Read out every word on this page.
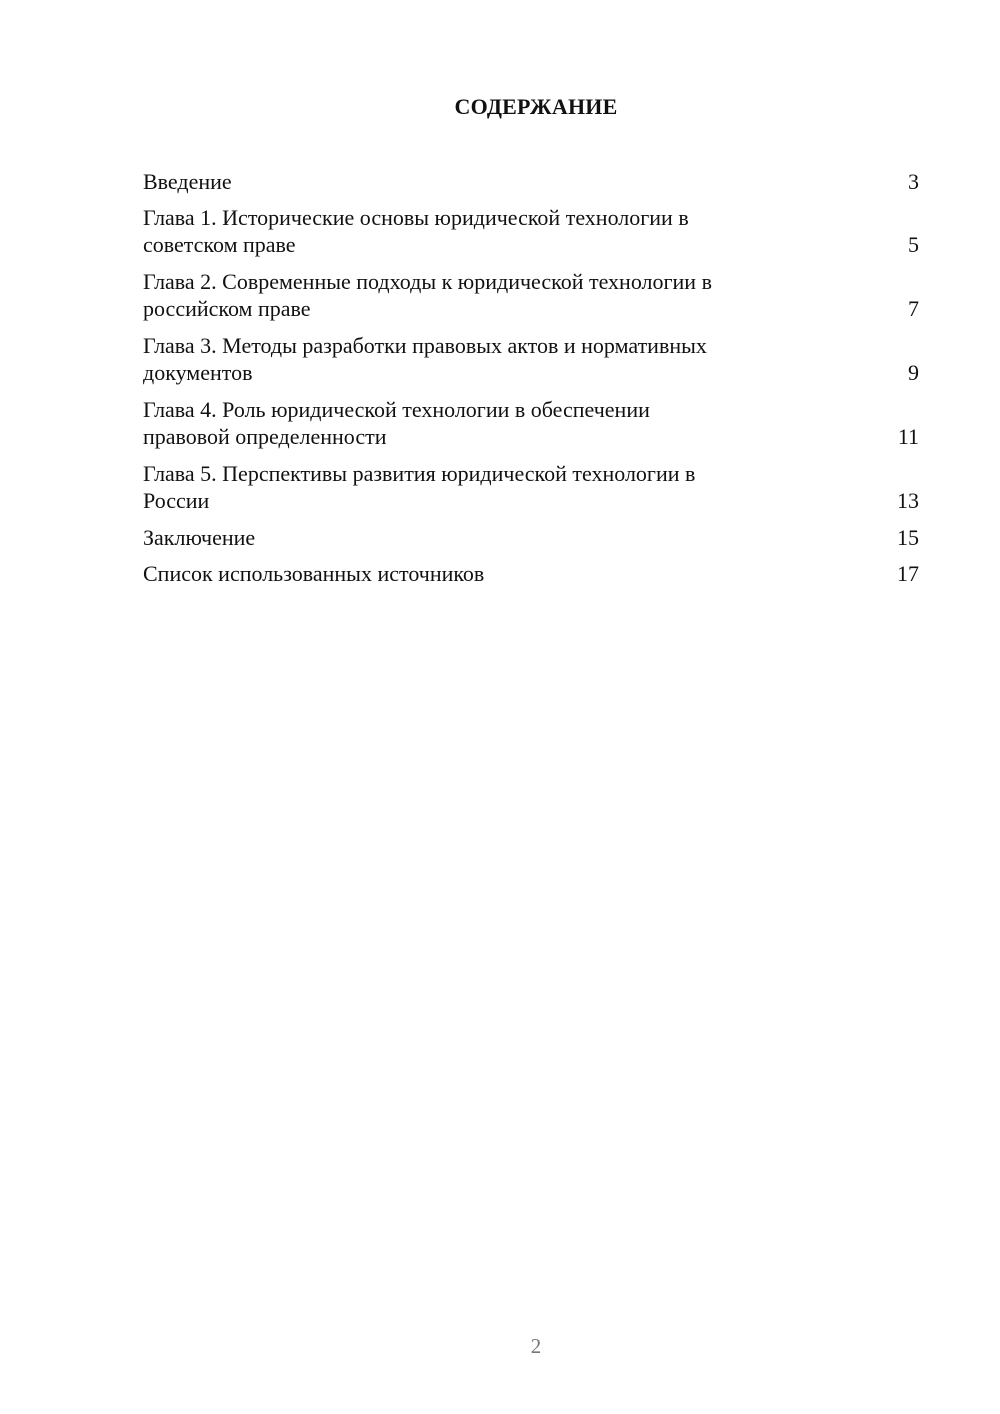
СОДЕРЖАНИЕ
Введение	3
Глава 1. Исторические основы юридической технологии в
советском праве	5
Глава 2. Современные подходы к юридической технологии в
российском праве	7
Глава 3. Методы разработки правовых актов и нормативных
документов	9
Глава 4. Роль юридической технологии в обеспечении
правовой определенности	11
Глава 5. Перспективы развития юридической технологии в
России	13
Заключение	15
Список использованных источников	17
2
